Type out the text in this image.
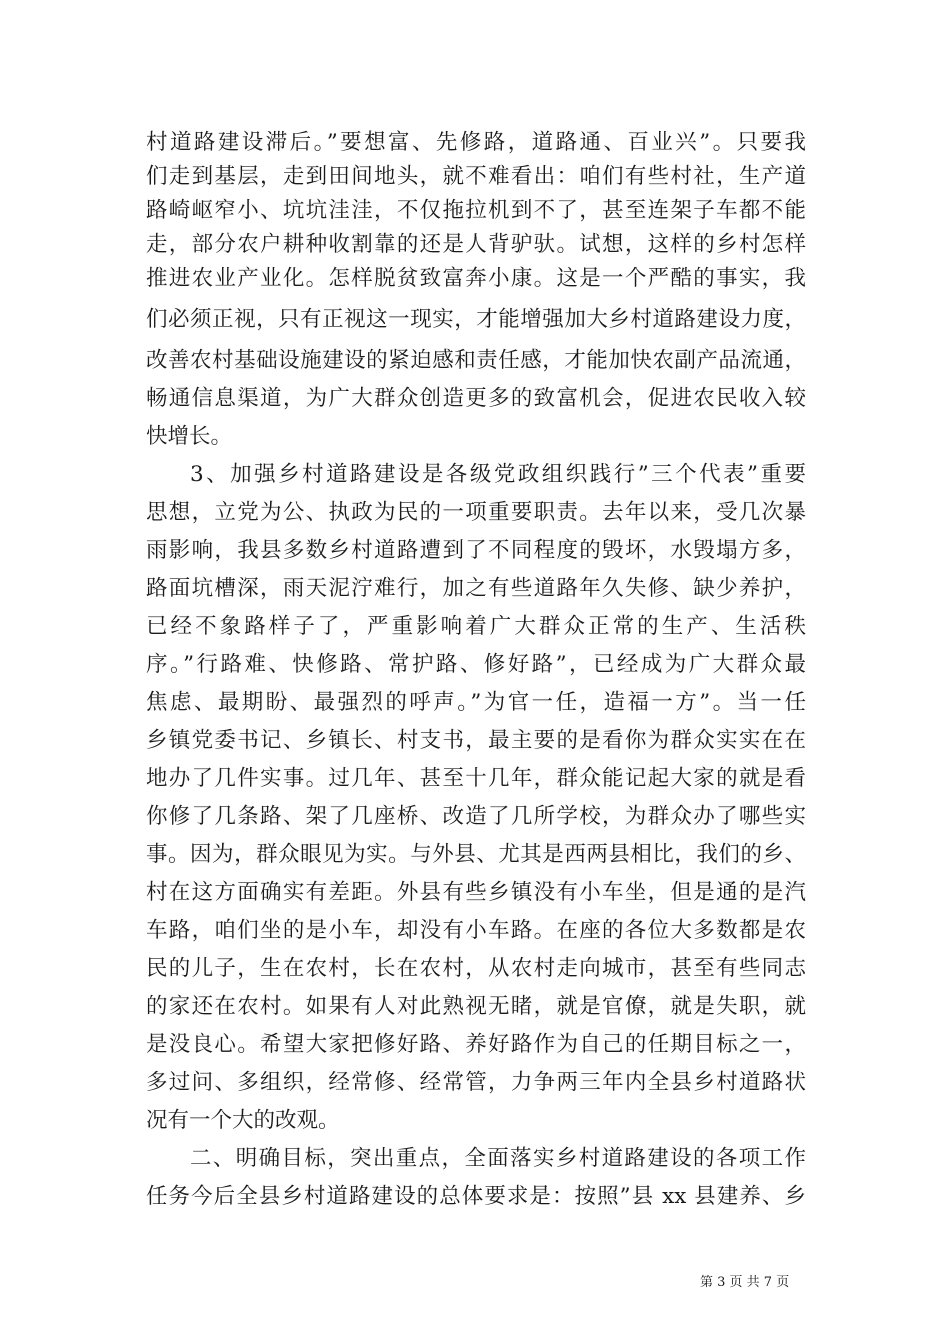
村道路建设滞后。”要想富、先修路，道路通、百业兴”。只要我
们走到基层，走到田间地头，就不难看出：咱们有些村社，生产道
路崎岖窄小、坑坑洼洼，不仅拖拉机到不了，甚至连架子车都不能
走，部分农户耕种收割靠的还是人背驴驮。试想，这样的乡村怎样
推进农业产业化。怎样脱贫致富奔小康。这是一个严酷的事实，我
们必须正视，只有正视这一现实，才能增强加大乡村道路建设力度，
改善农村基础设施建设的紧迫感和责任感，才能加快农副产品流通，
畅通信息渠道，为广大群众创造更多的致富机会，促进农民收入较
快增长。
3、加强乡村道路建设是各级党政组织践行”三个代表”重要
思想，立党为公、执政为民的一项重要职责。去年以来，受几次暴
雨影响，我县多数乡村道路遭到了不同程度的毁坏，水毁塌方多，
路面坑槽深，雨天泥泞难行，加之有些道路年久失修、缺少养护，
已经不象路样子了，严重影响着广大群众正常的生产、生活秩
序。”行路难、快修路、常护路、修好路”，已经成为广大群众最
焦虑、最期盼、最强烈的呼声。”为官一任，造福一方”。当一任
乡镇党委书记、乡镇长、村支书，最主要的是看你为群众实实在在
地办了几件实事。过几年、甚至十几年，群众能记起大家的就是看
你修了几条路、架了几座桥、改造了几所学校，为群众办了哪些实
事。因为，群众眼见为实。与外县、尤其是西两县相比，我们的乡、
村在这方面确实有差距。外县有些乡镇没有小车坐，但是通的是汽
车路，咱们坐的是小车，却没有小车路。在座的各位大多数都是农
民的儿子，生在农村，长在农村，从农村走向城市，甚至有些同志
的家还在农村。如果有人对此熟视无睹，就是官僚，就是失职，就
是没良心。希望大家把修好路、养好路作为自己的任期目标之一，
多过问、多组织，经常修、经常管，力争两三年内全县乡村道路状
况有一个大的改观。
二、明确目标，突出重点，全面落实乡村道路建设的各项工作
任务今后全县乡村道路建设的总体要求是：按照”县 xx 县建养、乡
第 3 页 共 7 页
